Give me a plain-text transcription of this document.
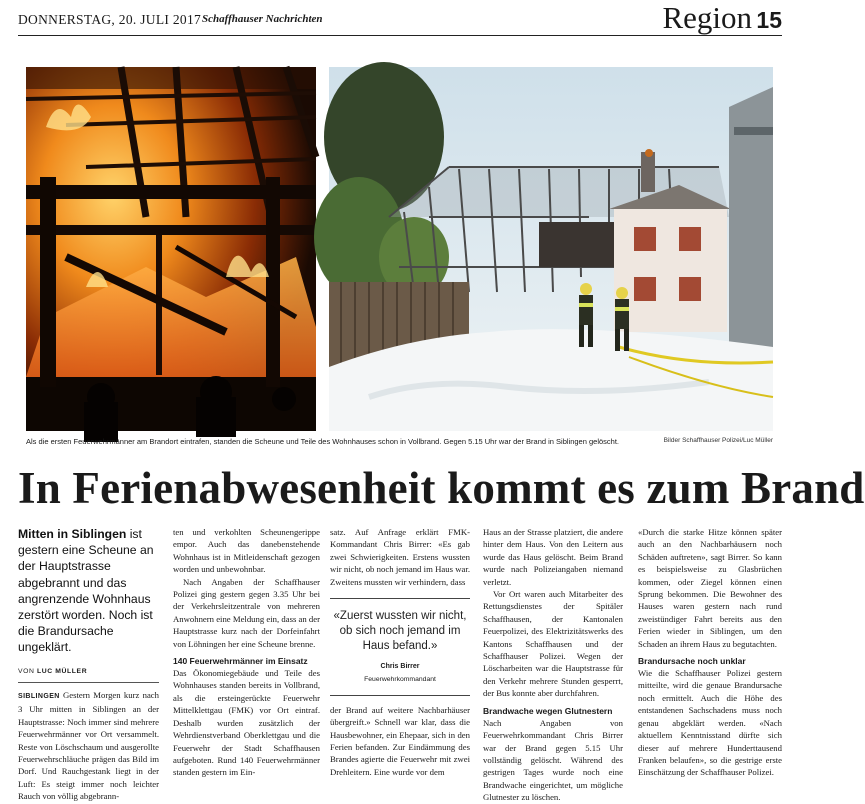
DONNERSTAG, 20. JULI 2017 Schaffhauser Nachrichten	Region 15
Als die ersten Feuerwehrmänner am Brandort eintrafen, standen die Scheune und Teile des Wohnhauses schon in Vollbrand. Gegen 5.15 Uhr war der Brand in Siblingen gelöscht.	Bilder Schaffhauser Polizei/Luc Müller
In Ferienabwesenheit kommt es zum Brand
Mitten in Siblingen ist gestern eine Scheune an der Hauptstrasse abgebrannt und das angrenzende Wohnhaus zerstört worden. Noch ist die Brandursache ungeklärt.
VON LUC MÜLLER

SIBLINGEN Gestern Morgen kurz nach 3 Uhr mitten in Siblingen an der Hauptstrasse: Noch immer sind mehrere Feuerwehrmänner vor Ort versammelt. Reste von Löschschaum und ausgerollte Feuerwehrschläuche prägen das Bild im Dorf. Und Rauchgestank liegt in der Luft: Es steigt immer noch leichter Rauch von völlig abgebrann-

ten und verkohlten Scheunengerippe empor. Auch das danebenstehende Wohnhaus ist in Mitleidenschaft gezogen worden und unbewohnbar.

Nach Angaben der Schaffhauser Polizei ging gestern gegen 3.35 Uhr bei der Verkehrsleitzentrale von mehreren Anwohnern eine Meldung ein, dass an der Hauptstrasse kurz nach der Dorfeinfahrt von Löhningen her eine Scheune brenne.

140 Feuerwehrmänner im Einsatz

Das Ökonomiegebäude und Teile des Wohnhauses standen bereits in Vollbrand, als die ersteingerückte Feuerwehr Mittelklettgau (FMK) vor Ort eintraf. Deshalb wurden zusätzlich der Wehrdienstverband Oberklettgau und die Feuerwehr der Stadt Schaffhausen aufgeboten. Rund 140 Feuerwehrmänner standen gestern im Ein-

satz. Auf Anfrage erklärt FMK-Kommandant Chris Birrer: «Es gab zwei Schwierigkeiten. Erstens wussten wir nicht, ob noch jemand im Haus war. Zweitens mussten wir verhindern, dass

«Zuerst wussten wir nicht, ob sich noch jemand im Haus befand.»
Chris Birrer
Feuerwehrkommandant

der Brand auf weitere Nachbarhäuser übergreift.» Schnell war klar, dass die Hausbewohner, ein Ehepaar, sich in den Ferien befanden. Zur Eindämmung des Brandes agierte die Feuerwehr mit zwei Drehleitern. Eine wurde vor dem

Haus an der Strasse platziert, die andere hinter dem Haus. Von den Leitern aus wurde das Haus gelöscht. Beim Brand wurde nach Polizeiangaben niemand verletzt.

Vor Ort waren auch Mitarbeiter des Rettungsdienstes der Spitäler Schaffhausen, der Kantonalen Feuerpolizei, des Elektrizitätswerks des Kantons Schaffhausen und der Schaffhauser Polizei. Wegen der Löscharbeiten war die Hauptstrasse für den Verkehr mehrere Stunden gesperrt, der Bus konnte aber durchfahren.

Brandwache wegen Glutnestern

Nach Angaben von Feuerwehrkommandant Chris Birrer war der Brand gegen 5.15 Uhr vollständig gelöscht. Während des gestrigen Tages wurde noch eine Brandwache eingerichtet, um mögliche Glutnester zu löschen.

«Durch die starke Hitze können später auch an den Nachbarhäusern noch Schäden auftreten», sagt Birrer. So kann es beispielsweise zu Glasbrüchen kommen, oder Ziegel können einen Sprung bekommen. Die Bewohner des Hauses waren gestern nach rund zweistündiger Fahrt bereits aus den Ferien wieder in Siblingen, um den Schaden an ihrem Haus zu begutachten.

Brandursache noch unklar

Wie die Schaffhauser Polizei gestern mitteilte, wird die genaue Brandursache noch ermittelt. Auch die Höhe des entstandenen Sachschadens muss noch genau abgeklärt werden. «Nach aktuellem Kenntnisstand dürfte sich dieser auf mehrere Hunderttausend Franken belaufen», so die gestrige erste Einschätzung der Schaffhauser Polizei.
